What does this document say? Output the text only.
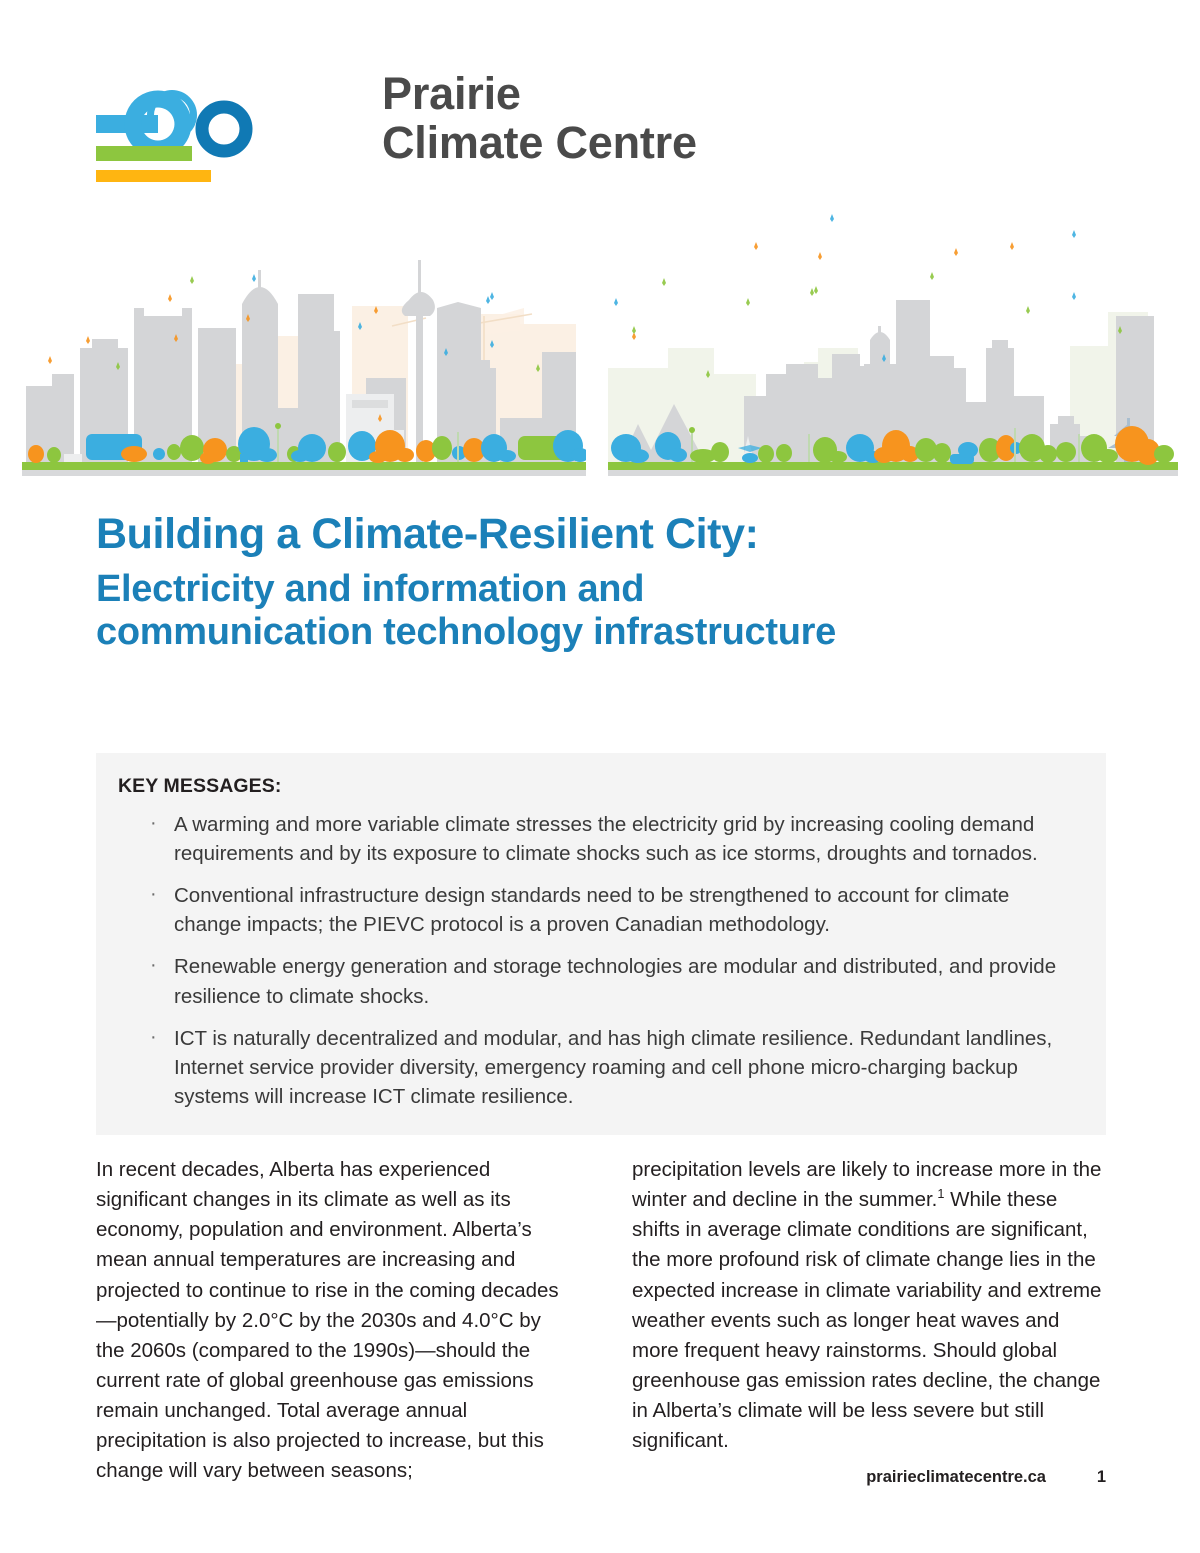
Prairie
Climate Centre
Building a Climate-Resilient City:
Electricity and information and
communication technology infrastructure
KEY MESSAGES:
· A warming and more variable climate stresses the electricity grid by increasing cooling demand requirements and by its exposure to climate shocks such as ice storms, droughts and tornados.
· Conventional infrastructure design standards need to be strengthened to account for climate change impacts; the PIEVC protocol is a proven Canadian methodology.
· Renewable energy generation and storage technologies are modular and distributed, and provide resilience to climate shocks.
· ICT is naturally decentralized and modular, and has high climate resilience. Redundant landlines, Internet service provider diversity, emergency roaming and cell phone micro-charging backup systems will increase ICT climate resilience.

In recent decades, Alberta has experienced significant changes in its climate as well as its economy, population and environment. Alberta’s mean annual temperatures are increasing and projected to continue to rise in the coming decades—potentially by 2.0°C by the 2030s and 4.0°C by the 2060s (compared to the 1990s)—should the current rate of global greenhouse gas emissions remain unchanged. Total average annual precipitation is also projected to increase, but this change will vary between seasons;

precipitation levels are likely to increase more in the winter and decline in the summer.$^1$ While these shifts in average climate conditions are significant, the more profound risk of climate change lies in the expected increase in climate variability and extreme weather events such as longer heat waves and more frequent heavy rainstorms. Should global greenhouse gas emission rates decline, the change in Alberta’s climate will be less severe but still significant.

prairieclimatecentre.ca	1
